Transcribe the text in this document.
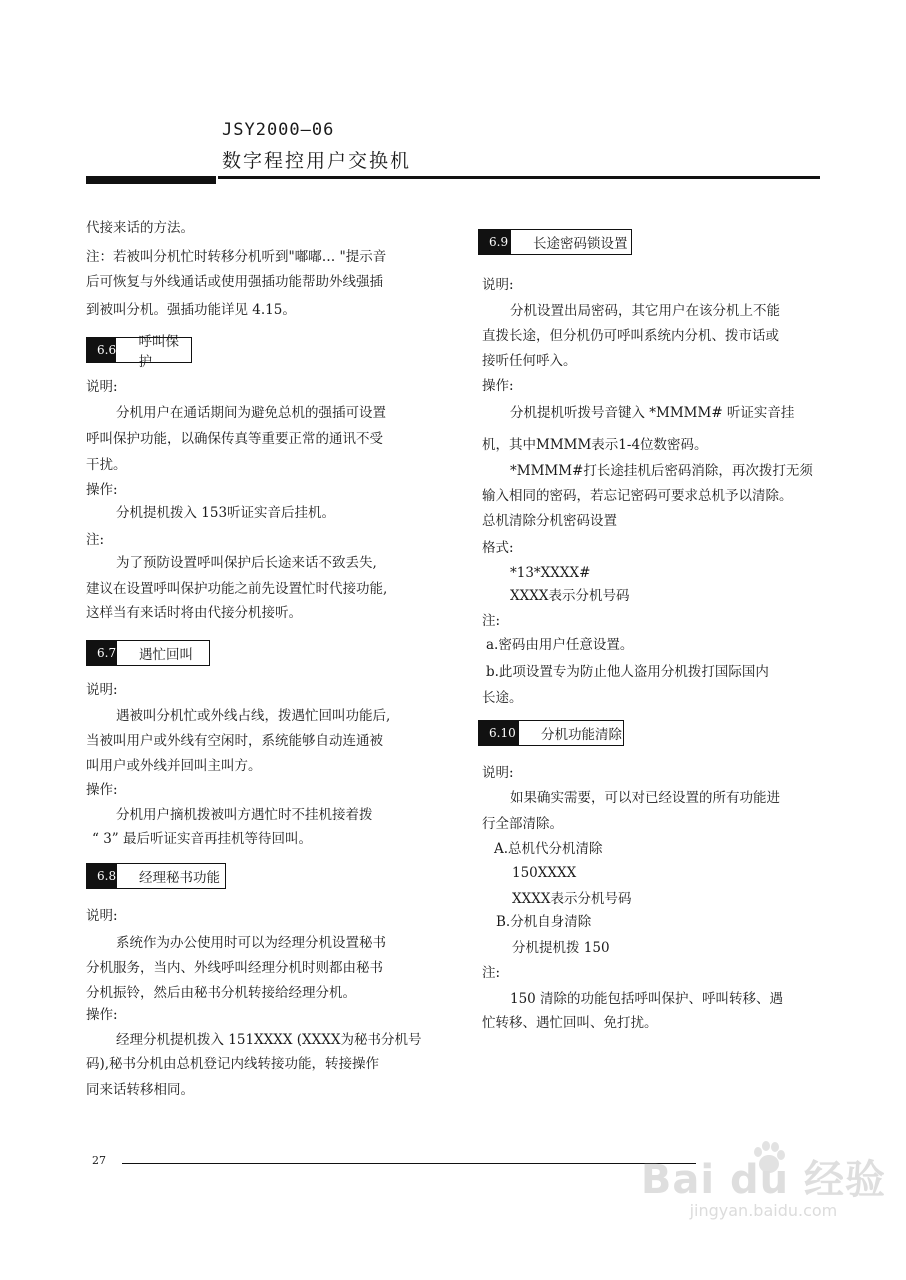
JSY2000—06
数字程控用户交换机
代接来话的方法。
注：若被叫分机忙时转移分机听到"嘟嘟… "提示音
后可恢复与外线通话或使用强插功能帮助外线强插
到被叫分机。强插功能详见 4.15。
6.6	呼叫保护
说明:
分机用户在通话期间为避免总机的强插可设置
呼叫保护功能，以确保传真等重要正常的通讯不受
干扰。
操作:
分机提机拨入 153听证实音后挂机。
注:
为了预防设置呼叫保护后长途来话不致丢失,
建议在设置呼叫保护功能之前先设置忙时代接功能,
这样当有来话时将由代接分机接听。
6.7	遇忙回叫
说明:
遇被叫分机忙或外线占线，拨遇忙回叫功能后,
当被叫用户或外线有空闲时，系统能够自动连通被
叫用户或外线并回叫主叫方。
操作:
分机用户摘机拨被叫方遇忙时不挂机接着拨
“ 3” 最后听证实音再挂机等待回叫。
6.8	经理秘书功能
说明:
系统作为办公使用时可以为经理分机设置秘书
分机服务，当内、外线呼叫经理分机时则都由秘书
分机振铃，然后由秘书分机转接给经理分机。
操作:
经理分机提机拨入 151XXXX (XXXX为秘书分机号
码),秘书分机由总机登记内线转接功能，转接操作
同来话转移相同。
6.9	长途密码锁设置
说明:
分机设置出局密码，其它用户在该分机上不能
直拨长途，但分机仍可呼叫系统内分机、拨市话或
接听任何呼入。
操作:
分机提机听拨号音键入 *MMMM# 听证实音挂
机，其中MMMM表示1-4位数密码。
*MMMM#打长途挂机后密码消除，再次拨打无须
输入相同的密码，若忘记密码可要求总机予以清除。
总机清除分机密码设置
格式:
*13*XXXX#
XXXX表示分机号码
注:
a.密码由用户任意设置。
b.此项设置专为防止他人盗用分机拨打国际国内
长途。
6.10	分机功能清除
说明:
如果确实需要，可以对已经设置的所有功能进
行全部清除。
A.总机代分机清除
150XXXX
XXXX表示分机号码
B.分机自身清除
分机提机拨 150
注:
150 清除的功能包括呼叫保护、呼叫转移、遇
忙转移、遇忙回叫、免打扰。
27	Bai du 经验
jingyan.baidu.com
